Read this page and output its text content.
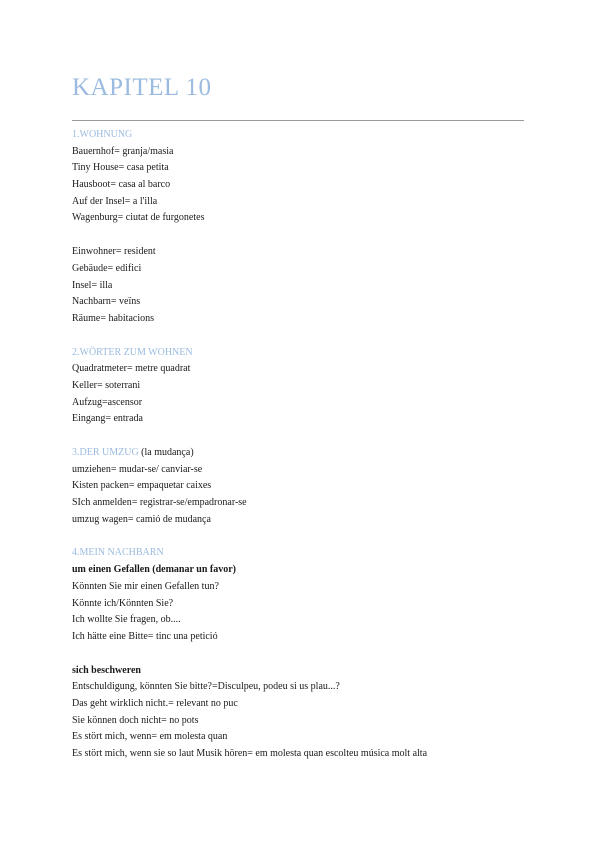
KAPITEL 10
1.WOHNUNG
Bauernhof= granja/masia
Tiny House= casa petita
Hausboot= casa al barco
Auf der Insel= a l'illa
Wagenburg= ciutat de furgonetes
Einwohner= resident
Gebäude= edifici
Insel= illa
Nachbarn= veïns
Räume= habitacions
2.WÖRTER ZUM WOHNEN
Quadratmeter= metre quadrat
Keller= soterrani
Aufzug=ascensor
Eingang= entrada
3.DER UMZUG (la mudança)
umziehen= mudar-se/ canviar-se
Kisten packen= empaquetar caixes
SIch anmelden= registrar-se/empadronar-se
umzug wagen= camió de mudança
4.MEIN NACHBARN
um einen Gefallen (demanar un favor)
Könnten Sie mir einen Gefallen tun?
Könnte ich/Könnten Sie?
Ich wollte Sie fragen, ob....
Ich hätte eine Bitte= tinc una petició
sich beschweren
Entschuldigung, könnten Sie bitte?=Disculpeu, podeu si us plau...?
Das geht wirklich nicht.= relevant no puc
Sie können doch nicht= no pots
Es stört mich, wenn= em molesta quan
Es stört mich, wenn sie so laut Musik hören= em molesta quan escolteu música molt alta
